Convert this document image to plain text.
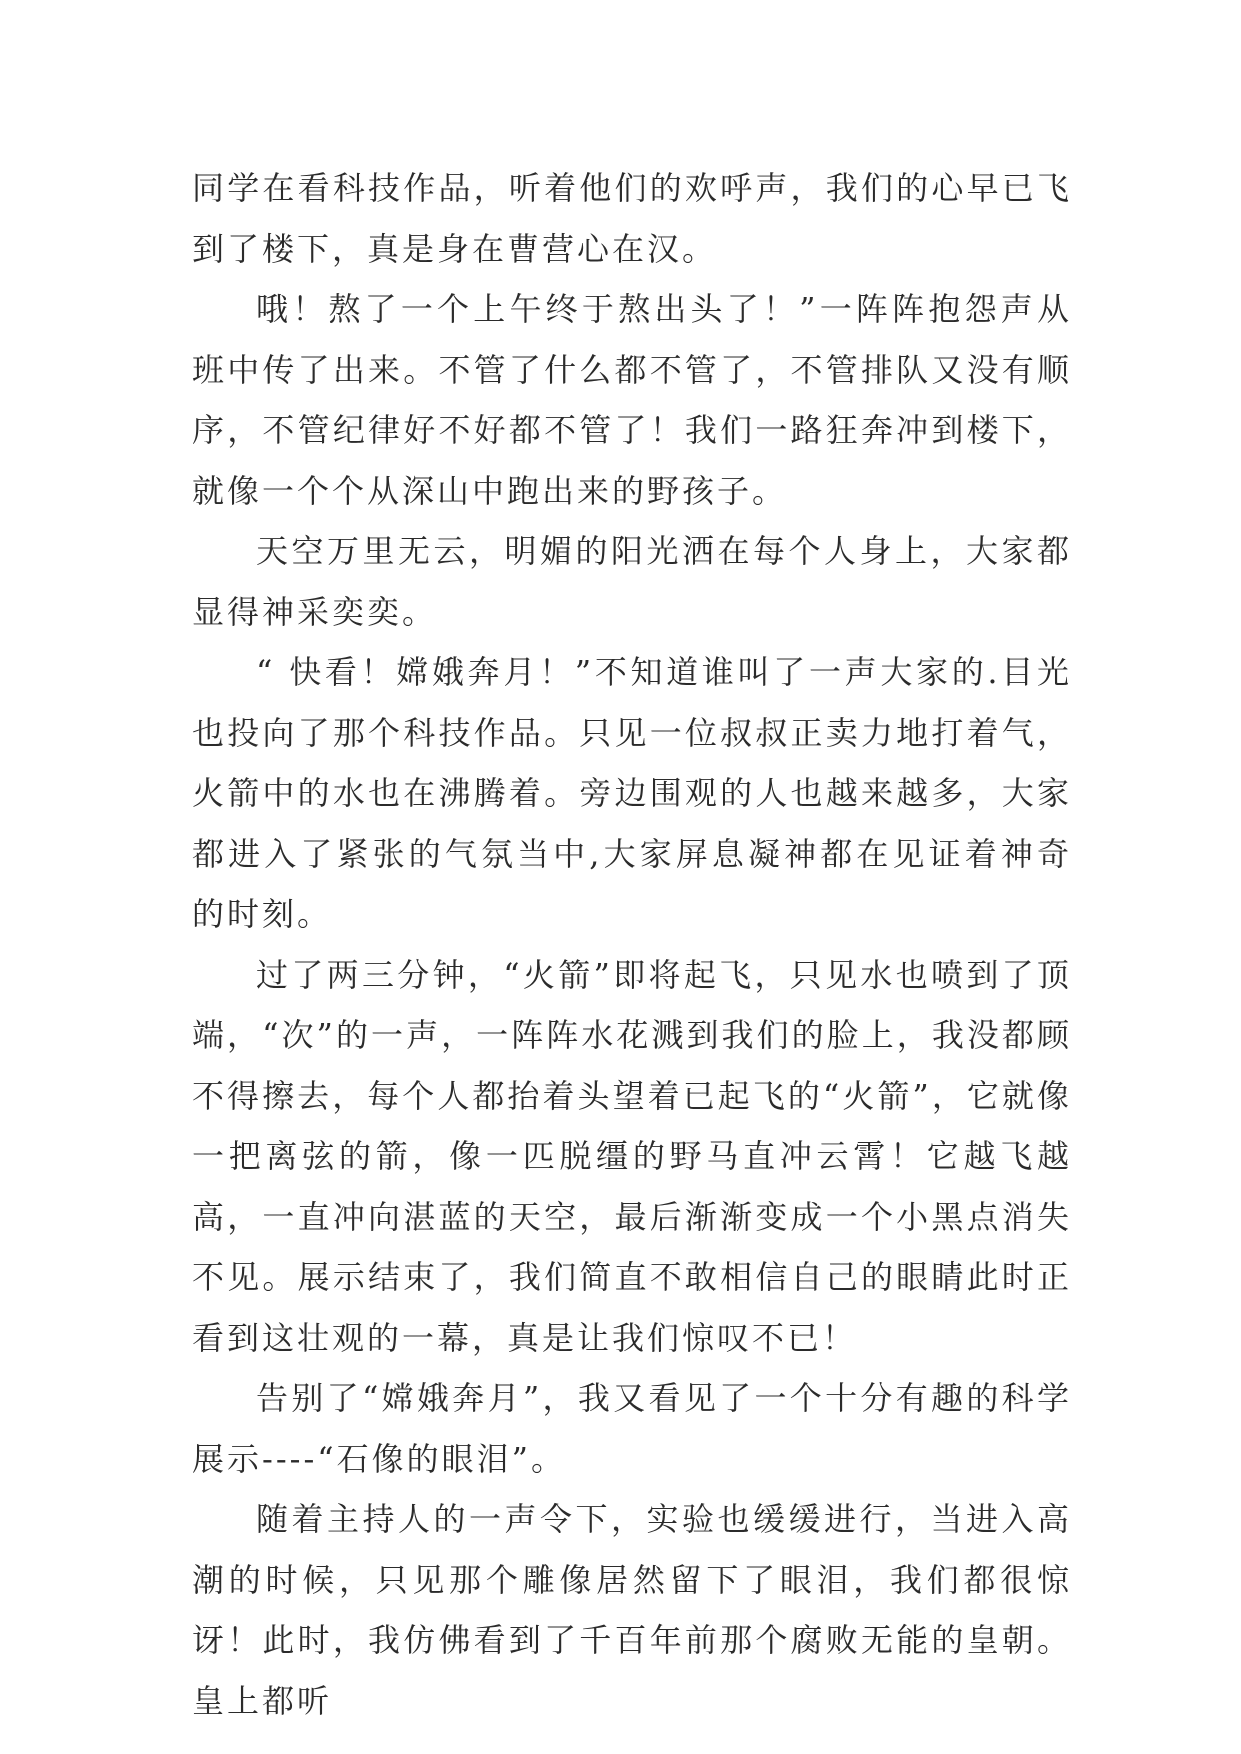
同学在看科技作品，听着他们的欢呼声，我们的心早已飞到了楼下，真是身在曹营心在汉。

哦！熬了一个上午终于熬出头了！”一阵阵抱怨声从班中传了出来。不管了什么都不管了，不管排队又没有顺序，不管纪律好不好都不管了！我们一路狂奔冲到楼下，就像一个个从深山中跑出来的野孩子。

天空万里无云，明媚的阳光洒在每个人身上，大家都显得神采奕奕。

“ 快看！嫦娥奔月！”不知道谁叫了一声大家的.目光也投向了那个科技作品。只见一位叔叔正卖力地打着气，火箭中的水也在沸腾着。旁边围观的人也越来越多，大家都进入了紧张的气氛当中,大家屏息凝神都在见证着神奇的时刻。

过了两三分钟，“火箭”即将起飞，只见水也喷到了顶端，“次”的一声，一阵阵水花溅到我们的脸上，我没都顾不得擦去，每个人都抬着头望着已起飞的“火箭”，它就像一把离弦的箭，像一匹脱缰的野马直冲云霄！它越飞越高，一直冲向湛蓝的天空，最后渐渐变成一个小黑点消失不见。展示结束了，我们简直不敢相信自己的眼睛此时正看到这壮观的一幕，真是让我们惊叹不已！

告别了“嫦娥奔月”，我又看见了一个十分有趣的科学展示----“石像的眼泪”。

随着主持人的一声令下，实验也缓缓进行，当进入高潮的时候，只见那个雕像居然留下了眼泪，我们都很惊讶！此时，我仿佛看到了千百年前那个腐败无能的皇朝。皇上都听
